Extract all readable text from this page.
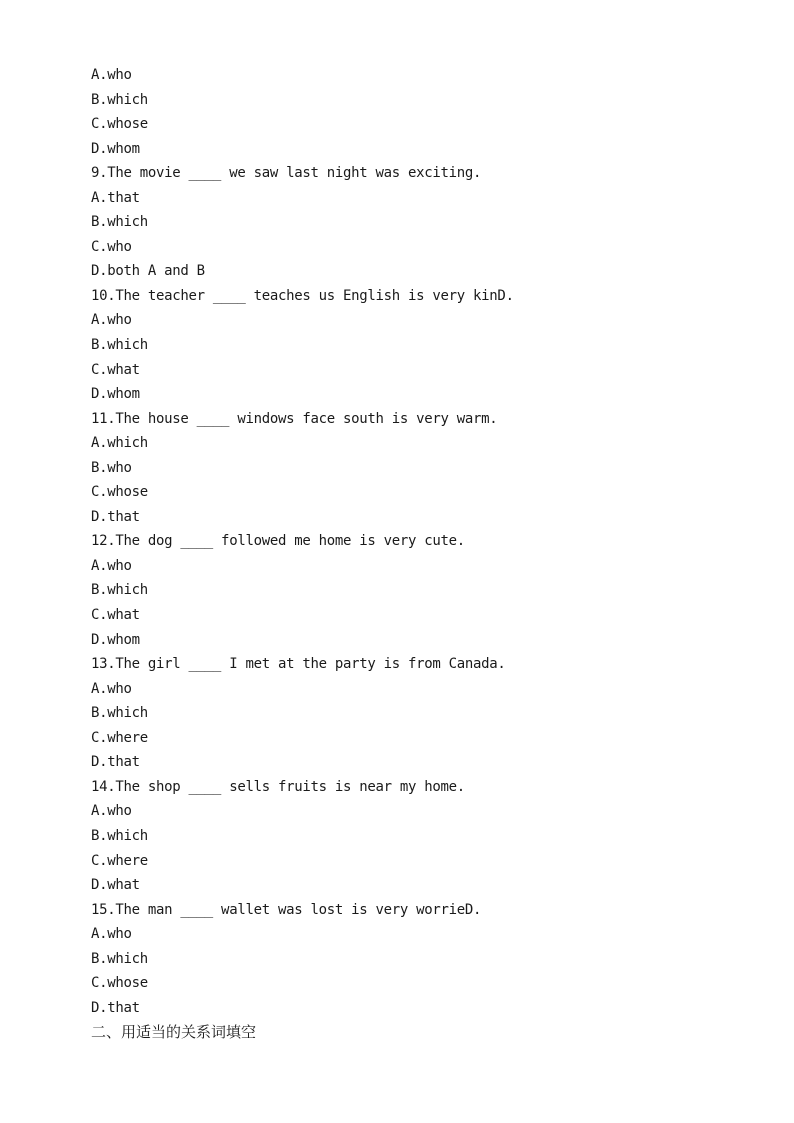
A.who
B.which
C.whose
D.whom
9.The movie ____ we saw last night was exciting.
A.that
B.which
C.who
D.both A and B
10.The teacher ____ teaches us English is very kinD.
A.who
B.which
C.what
D.whom
11.The house ____ windows face south is very warm.
A.which
B.who
C.whose
D.that
12.The dog ____ followed me home is very cute.
A.who
B.which
C.what
D.whom
13.The girl ____ I met at the party is from Canada.
A.who
B.which
C.where
D.that
14.The shop ____ sells fruits is near my home.
A.who
B.which
C.where
D.what
15.The man ____ wallet was lost is very worrieD.
A.who
B.which
C.whose
D.that
二、用适当的关系词填空
